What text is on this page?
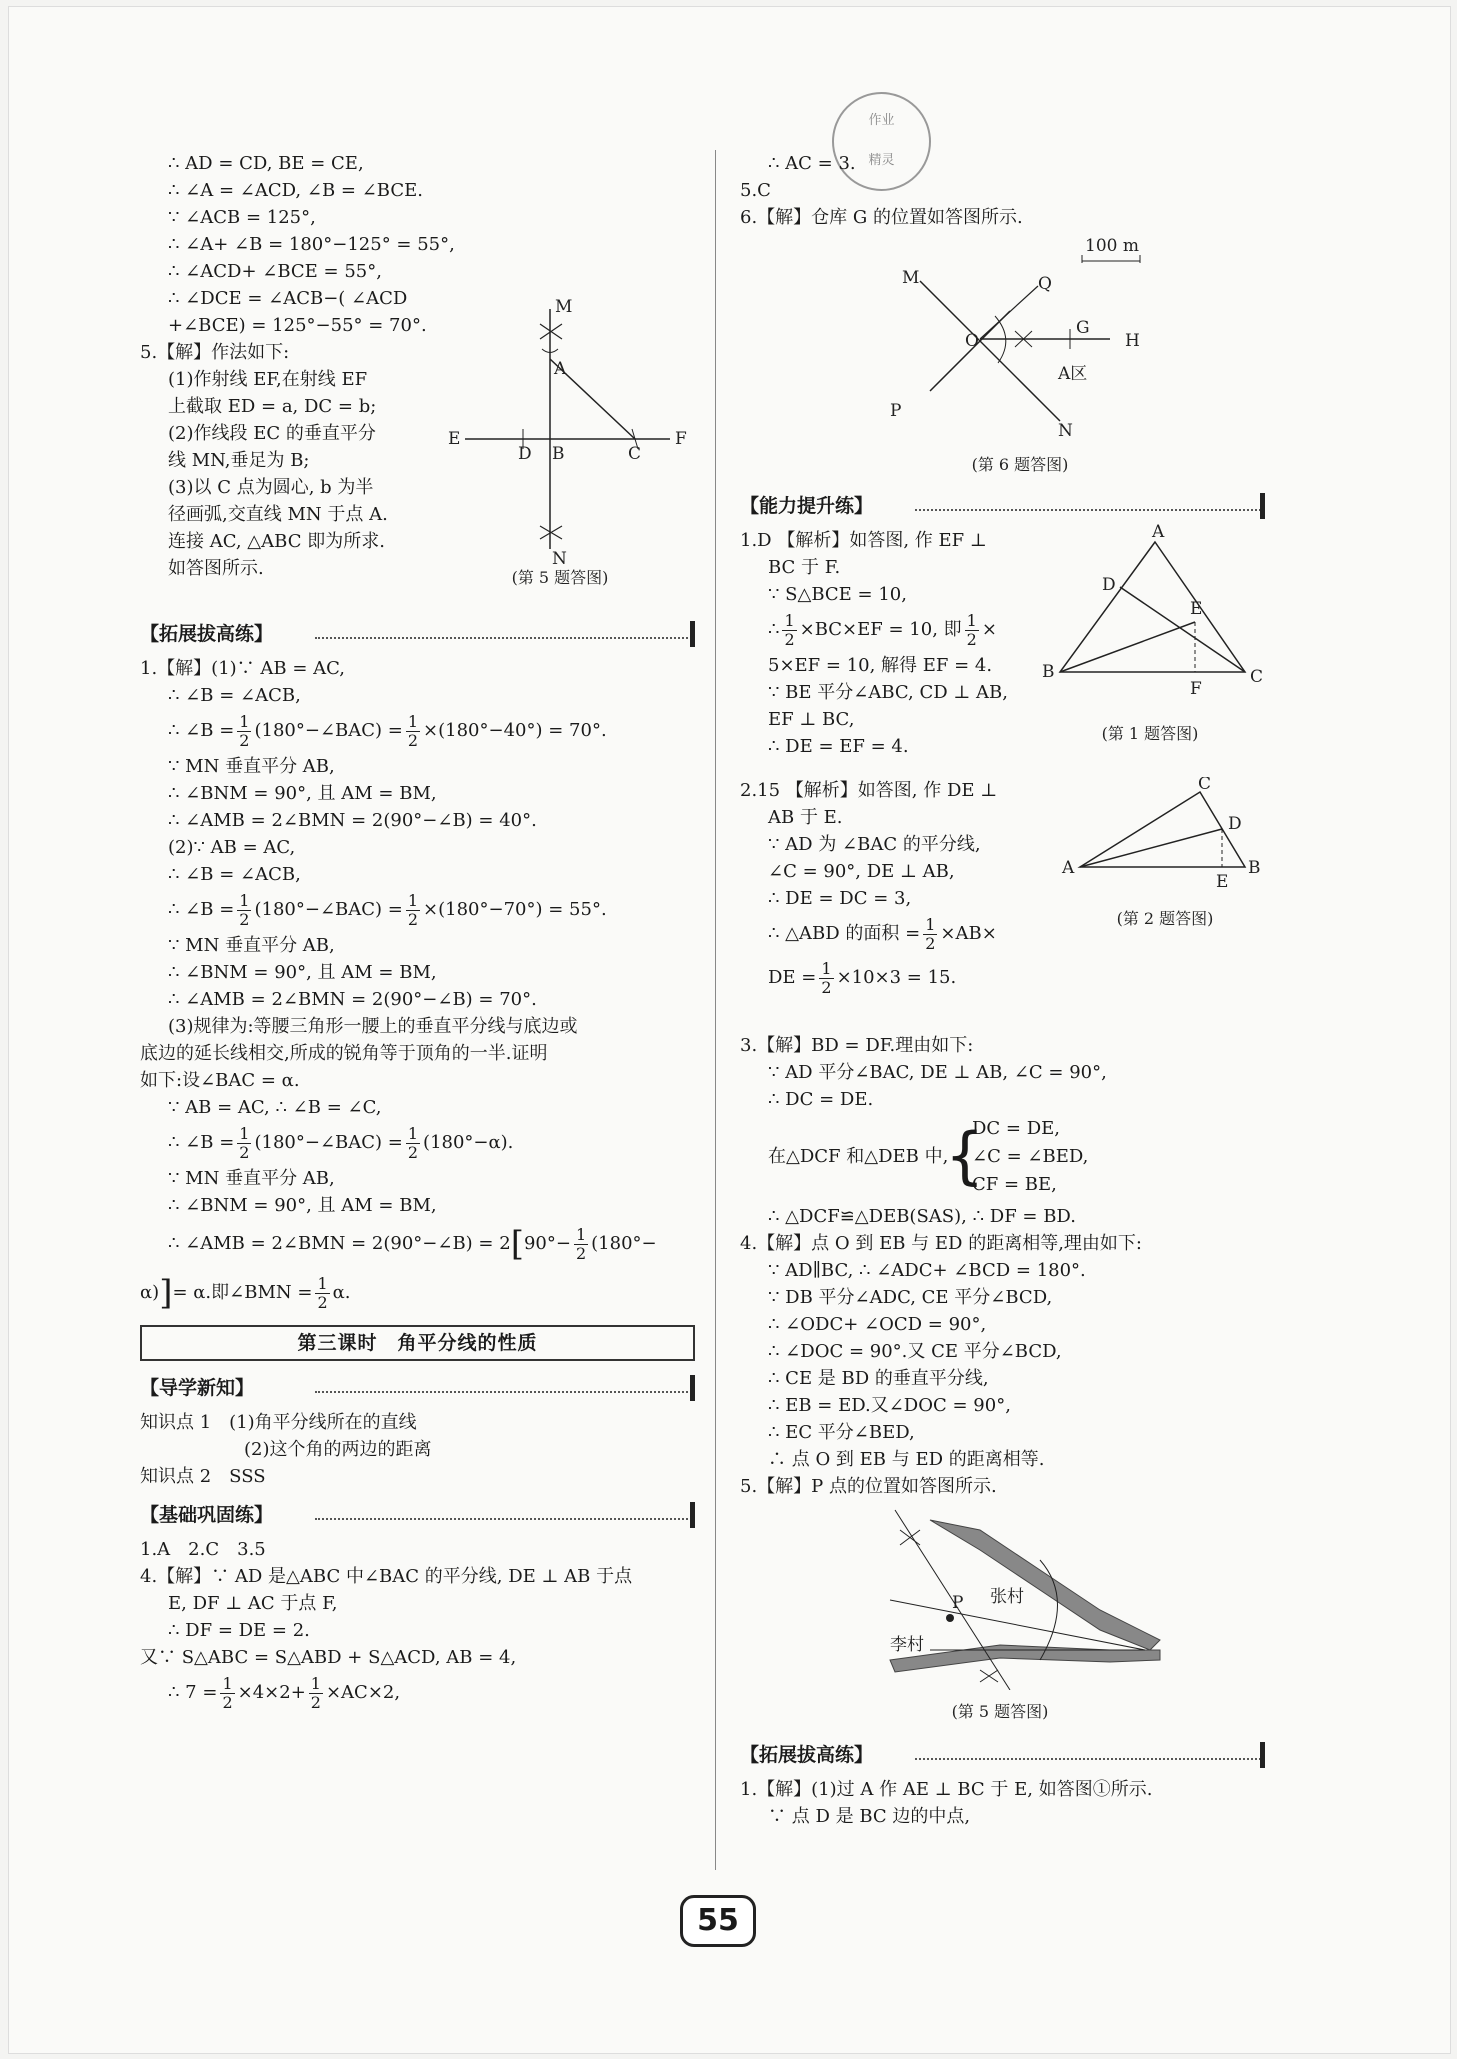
作业
精灵
∴ AD = CD, BE = CE,
∴ ∠A = ∠ACD, ∠B = ∠BCE.
∵ ∠ACB = 125°,
∴ ∠A+ ∠B = 180°−125° = 55°,
∴ ∠ACD+ ∠BCE = 55°,
∴ ∠DCE = ∠ACB−( ∠ACD
+∠BCE) = 125°−55° = 70°.
5.【解】作法如下:
(1)作射线 EF,在射线 EF
上截取 ED = a, DC = b;
(2)作线段 EC 的垂直平分
线 MN,垂足为 B;
(3)以 C 点为圆心, b 为半
径画弧,交直线 MN 于点 A.
连接 AC, △ABC 即为所求.
如答图所示.
M
A
E
D B	C
F
N
(第 5 题答图)
【拓展拔高练】
1.【解】(1)∵ AB = AC,
∴ ∠B = ∠ACB,
∴ ∠B = $\frac{1}{2}$ (180°−∠BAC) = $\frac{1}{2} \times(180^\circ-40^\circ) = 70^\circ$.
∵ MN 垂直平分 AB,
∴ ∠BNM = 90°, 且 AM = BM,
∴ ∠AMB = 2∠BMN = 2(90°−∠B) = 40°.
(2)∵ AB = AC,
∴ ∠B = ∠ACB,
∴ ∠B = $\frac{1}{2}$ (180°−∠BAC) = $\frac{1}{2} \times(180^\circ-70^\circ) = 55^\circ$.
∵ MN 垂直平分 AB,
∴ ∠BNM = 90°, 且 AM = BM,
∴ ∠AMB = 2∠BMN = 2(90°−∠B) = 70°.
(3)规律为:等腰三角形一腰上的垂直平分线与底边或
底边的延长线相交,所成的锐角等于顶角的一半.证明
如下:设∠BAC = α.
∵ AB = AC, ∴ ∠B = ∠C,
∴ ∠B = $\frac{1}{2}$ (180°−∠BAC) = $\frac{1}{2} (180^\circ-\alpha)$.
∵ MN 垂直平分 AB,
∴ ∠BNM = 90°, 且 AM = BM,
∴ ∠AMB = 2∠BMN = 2(90°−∠B) = $2[90^\circ- \frac{1}{2} (180^\circ-$
α)]= α.即∠BMN = $\frac{1}{2} \alpha$.
第三课时　角平分线的性质
【导学新知】
知识点 1　(1)角平分线所在的直线
(2)这个角的两边的距离
知识点 2　SSS
【基础巩固练】
1.A　2.C　3.5
4.【解】∵ AD 是△ABC 中∠BAC 的平分线, DE ⊥ AB 于点
E, DF ⊥ AC 于点 F,
∴ DF = DE = 2.
又∵ S△ABC = S△ABD + S△ACD, AB = 4,
∴ $7 = \frac{1}{2} \times 4\times 2+ \frac{1}{2} \times AC\times 2$,
∴ AC = 3.
5.C
6.【解】仓库 G 的位置如答图所示.
100 m
M	Q
O
G
H
P
N
A区
(第 6 题答图)
【能力提升练】
1.D 【解析】如答图, 作 EF ⊥
BC 于 F.
∵ S△BCE = 10,
∴ $\frac{1}{2} \times BC\times EF = 10$, 即 $\frac{1}{2}$ ×
5×EF = 10, 解得 EF = 4.
∵ BE 平分∠ABC, CD ⊥ AB,
EF ⊥ BC,
∴ DE = EF = 4.
A
D
E
B
F
C
(第 1 题答图)
2.15 【解析】如答图, 作 DE ⊥
AB 于 E.
∵ AD 为 ∠BAC 的平分线,
∠C = 90°, DE ⊥ AB,
∴ DE = DC = 3,
∴ △ABD 的面积 = $\frac{1}{2} \times AB\times$
DE = $\frac{1}{2} \times 10\times 3 = 15$.
C
D
A
E
B
(第 2 题答图)
3.【解】BD = DF.理由如下:
∵ AD 平分∠BAC, DE ⊥ AB, ∠C = 90°,
∴ DC = DE.
在△DCF 和△DEB 中,
{
DC = DE,
∠C = ∠BED,
CF = BE,
∴ △DCF≌△DEB(SAS), ∴ DF = BD.
4.【解】点 O 到 EB 与 ED 的距离相等,理由如下:
∵ AD∥BC, ∴ ∠ADC+ ∠BCD = 180°.
∵ DB 平分∠ADC, CE 平分∠BCD,
∴ ∠ODC+ ∠OCD = 90°,
∴ ∠DOC = 90°.又 CE 平分∠BCD,
∴ CE 是 BD 的垂直平分线,
∴ EB = ED.又∠DOC = 90°,
∴ EC 平分∠BED,
∴ 点 O 到 EB 与 ED 的距离相等.
5.【解】P 点的位置如答图所示.
P 张村
李村
(第 5 题答图)
【拓展拔高练】
1.【解】(1)过 A 作 AE ⊥ BC 于 E, 如答图①所示.
∵ 点 D 是 BC 边的中点,
55
